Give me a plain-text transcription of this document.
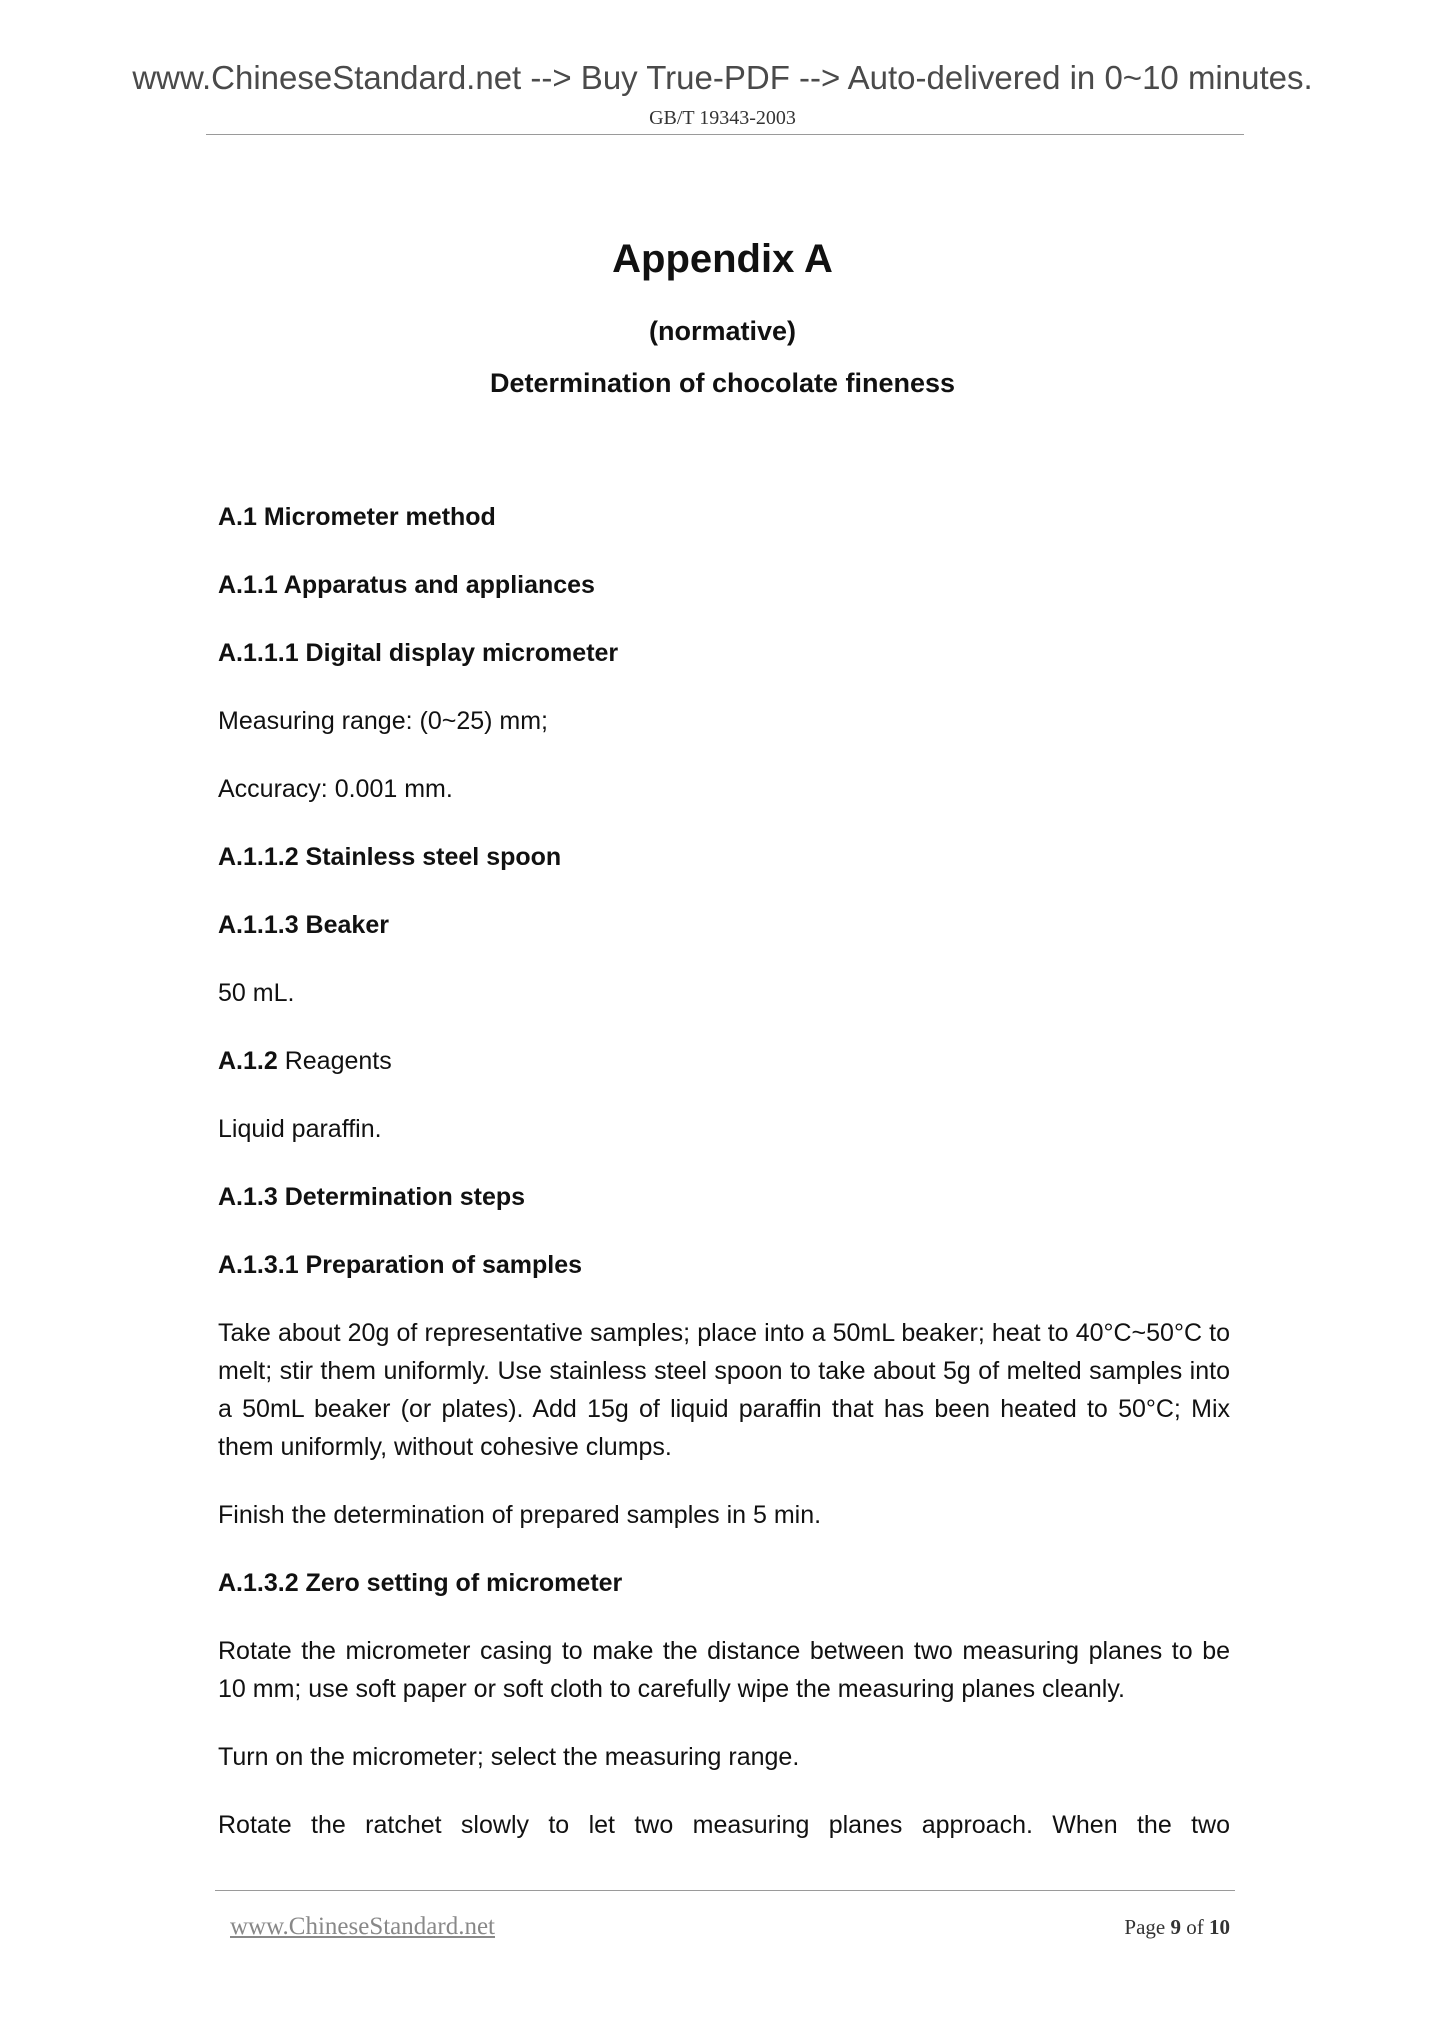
www.ChineseStandard.net --> Buy True-PDF --> Auto-delivered in 0~10 minutes.
GB/T 19343-2003
Appendix A
(normative)
Determination of chocolate fineness

A.1 Micrometer method

A.1.1 Apparatus and appliances

A.1.1.1 Digital display micrometer

Measuring range: (0~25) mm;

Accuracy: 0.001 mm.

A.1.1.2 Stainless steel spoon

A.1.1.3 Beaker

50 mL.

A.1.2 Reagents

Liquid paraffin.

A.1.3 Determination steps

A.1.3.1 Preparation of samples

Take about 20g of representative samples; place into a 50mL beaker; heat to 40°C~50°C to melt; stir them uniformly. Use stainless steel spoon to take about 5g of melted samples into a 50mL beaker (or plates). Add 15g of liquid paraffin that has been heated to 50°C; Mix them uniformly, without cohesive clumps.

Finish the determination of prepared samples in 5 min.

A.1.3.2 Zero setting of micrometer

Rotate the micrometer casing to make the distance between two measuring planes to be 10 mm; use soft paper or soft cloth to carefully wipe the measuring planes cleanly.

Turn on the micrometer; select the measuring range.

Rotate the ratchet slowly to let two measuring planes approach. When the two

www.ChineseStandard.net	Page 9 of 10
